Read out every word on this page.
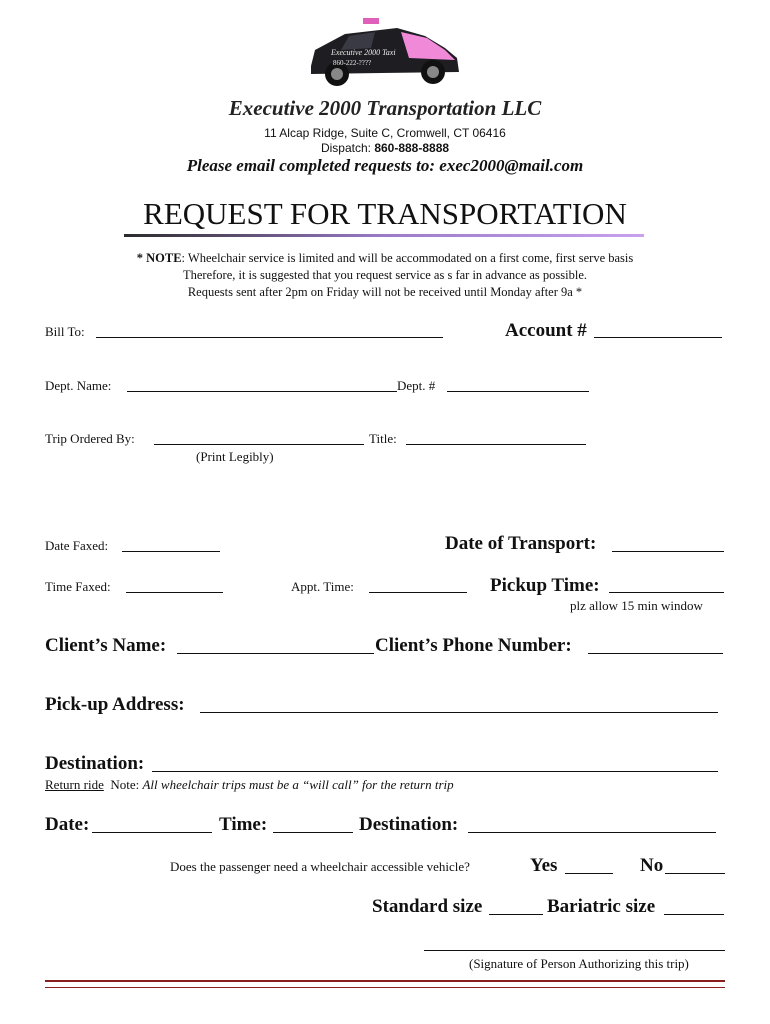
Executive 2000 Taxi
860-222-????
Executive 2000 Transportation LLC
11 Alcap Ridge, Suite C, Cromwell, CT 06416
Dispatch: 860-888-8888
Please email completed requests to: exec2000@mail.com
REQUEST FOR TRANSPORTATION
* NOTE: Wheelchair service is limited and will be accommodated on a first come, first serve basis
Therefore, it is suggested that you request service as s far in advance as possible.
Requests sent after 2pm on Friday will not be received until Monday after 9a *
Bill To:	Account #
Dept. Name:	Dept. #
Trip Ordered By:	Title:
(Print Legibly)
Date Faxed:	Date of Transport:
Time Faxed:	Appt. Time:	Pickup Time:
plz allow 15 min window
Client’s Name:	Client’s Phone Number:
Pick-up Address:
Destination:
Return ride Note: All wheelchair trips must be a “will call” for the return trip
Date:	Time:	Destination:
Does the passenger need a wheelchair accessible vehicle?	Yes	No
Standard size	Bariatric size
(Signature of Person Authorizing this trip)
